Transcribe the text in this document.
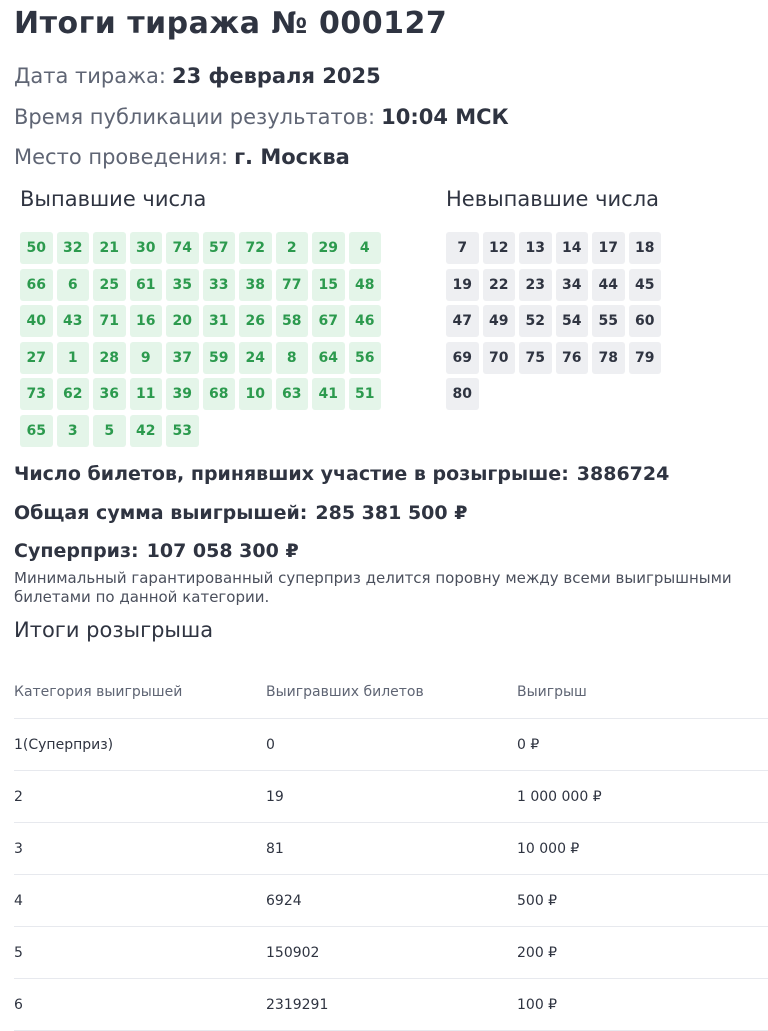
Итоги тиража № 000127
Дата тиража: 23 февраля 2025
Время публикации результатов: 10:04 МСК
Место проведения: г. Москва
Выпавшие числа	Невыпавшие числа
50	32	21	30	74	57	72	2	29	4
66	6	25	61	35	33	38	77	15	48
40	43	71	16	20	31	26	58	67	46
27	1	28	9	37	59	24	8	64	56
73	62	36	11	39	68	10	63	41	51
65	3	5	42	53
7	12	13	14	17	18
19	22	23	34	44	45
47	49	52	54	55	60
69	70	75	76	78	79
80
Число билетов, принявших участие в розыгрыше: 3886724
Общая сумма выигрышей: 285 381 500 ₽
Суперприз: 107 058 300 ₽
Минимальный гарантированный суперприз делится поровну между всеми выигрышными билетами по данной категории.
Итоги розыгрыша
Категория выигрышей	Выигравших билетов	Выигрыш
1(Суперприз)	0	0 ₽
2	19	1 000 000 ₽
3	81	10 000 ₽
4	6924	500 ₽
5	150902	200 ₽
6	2319291	100 ₽
